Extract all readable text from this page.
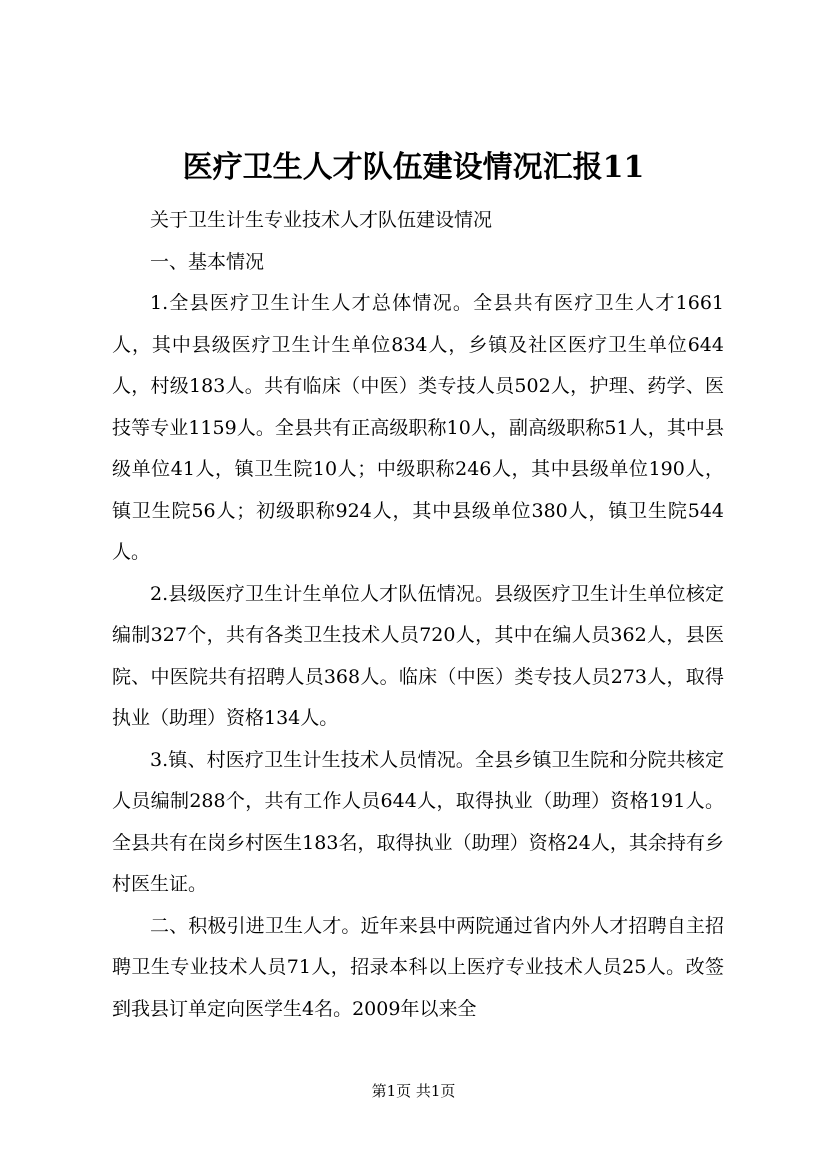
医疗卫生人才队伍建设情况汇报11

关于卫生计生专业技术人才队伍建设情况

一、基本情况

1.全县医疗卫生计生人才总体情况。全县共有医疗卫生人才1661人，其中县级医疗卫生计生单位834人，乡镇及社区医疗卫生单位644人，村级183人。共有临床（中医）类专技人员502人，护理、药学、医技等专业1159人。全县共有正高级职称10人，副高级职称51人，其中县级单位41人，镇卫生院10人；中级职称246人，其中县级单位190人，镇卫生院56人；初级职称924人，其中县级单位380人，镇卫生院544人。

2.县级医疗卫生计生单位人才队伍情况。县级医疗卫生计生单位核定编制327个，共有各类卫生技术人员720人，其中在编人员362人，县医院、中医院共有招聘人员368人。临床（中医）类专技人员273人，取得执业（助理）资格134人。

3.镇、村医疗卫生计生技术人员情况。全县乡镇卫生院和分院共核定人员编制288个，共有工作人员644人，取得执业（助理）资格191人。全县共有在岗乡村医生183名，取得执业（助理）资格24人，其余持有乡村医生证。

二、积极引进卫生人才。近年来县中两院通过省内外人才招聘自主招聘卫生专业技术人员71人，招录本科以上医疗专业技术人员25人。改签到我县订单定向医学生4名。2009年以来全

第1页 共1页
